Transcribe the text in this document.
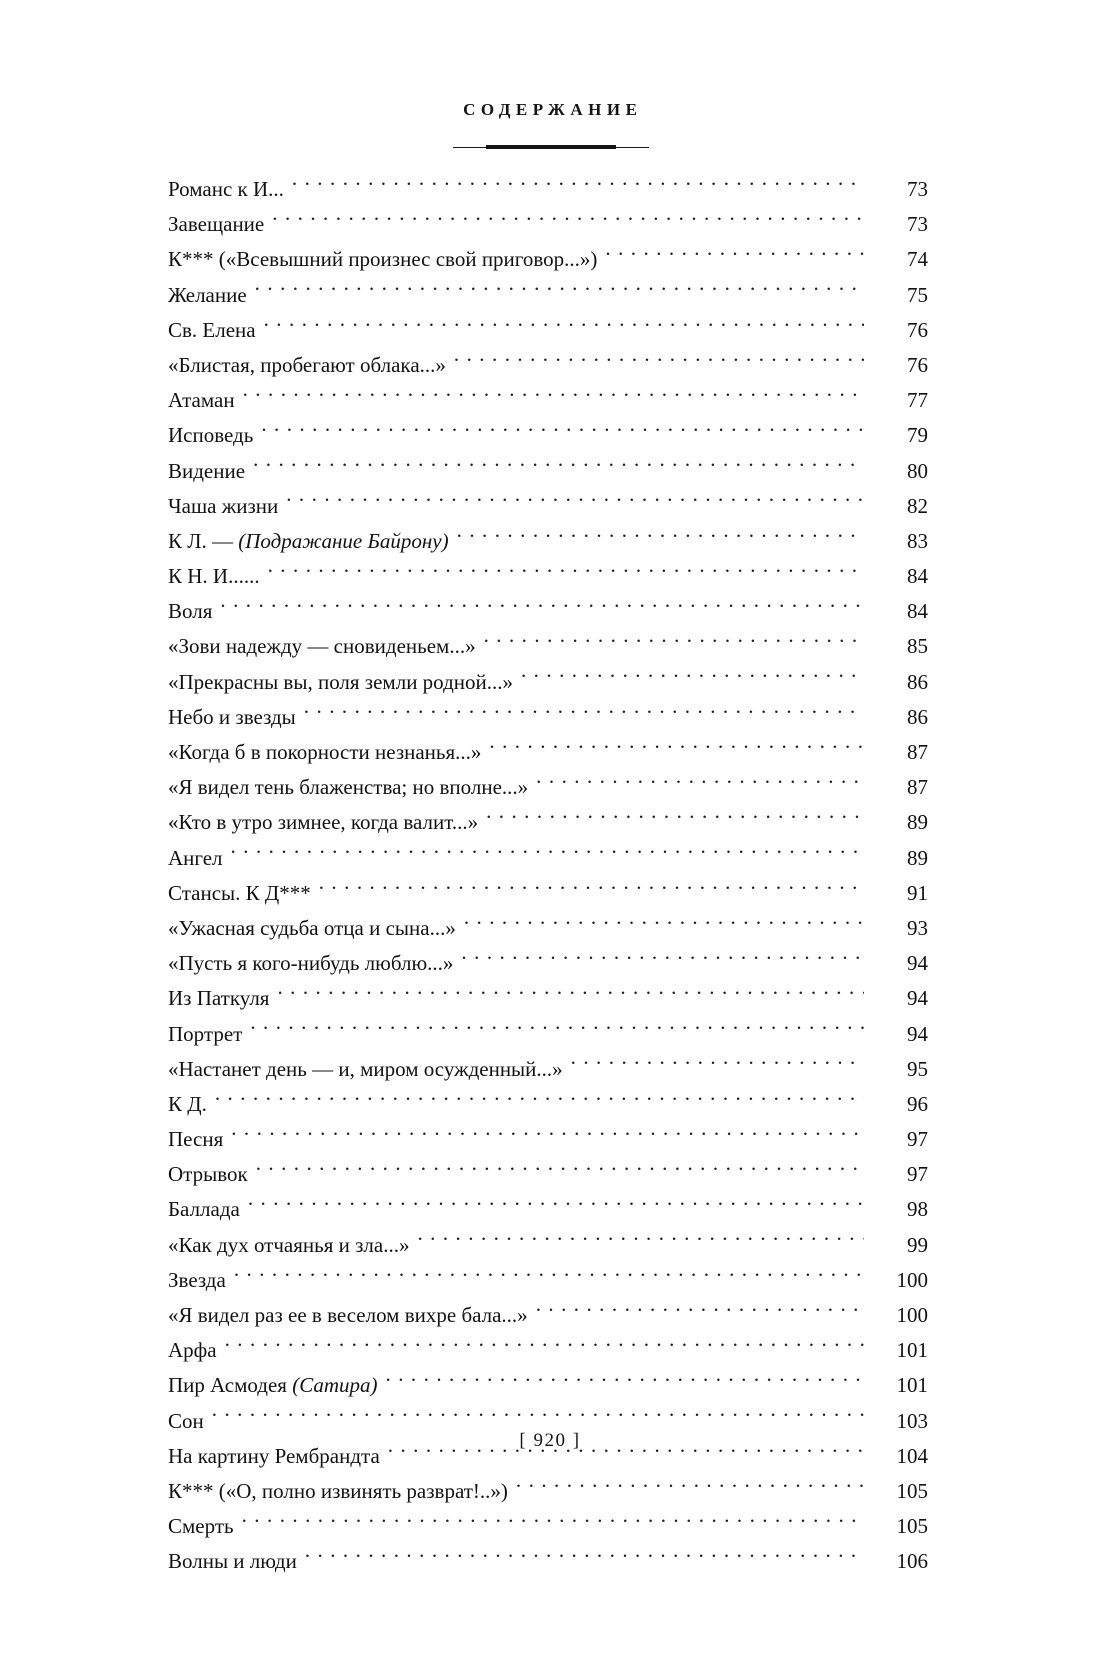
СОДЕРЖАНИЕ
Романс к И... . . .	73
Завещание . . .	73
К*** («Всевышний произнес свой приговор...») . . .	74
Желание . . .	75
Св. Елена . . .	76
«Блистая, пробегают облака...» . . .	76
Атаман . . .	77
Исповедь . . .	79
Видение . . .	80
Чаша жизни . . .	82
К Л. — (Подражание Байрону) . . .	83
К Н. И...... . . .	84
Воля . . .	84
«Зови надежду — сновиденьем...» . . .	85
«Прекрасны вы, поля земли родной...» . . .	86
Небо и звезды . . .	86
«Когда б в покорности незнанья...» . . .	87
«Я видел тень блаженства; но вполне...» . . .	87
«Кто в утро зимнее, когда валит...» . . .	89
Ангел . . .	89
Стансы. К Д*** . . .	91
«Ужасная судьба отца и сына...» . . .	93
«Пусть я кого-нибудь люблю...» . . .	94
Из Паткуля . . .	94
Портрет . . .	94
«Настанет день — и, миром осужденный...» . . .	95
К Д. . . .	96
Песня . . .	97
Отрывок . . .	97
Баллада . . .	98
«Как дух отчаянья и зла...» . . .	99
Звезда . . .	100
«Я видел раз ее в веселом вихре бала...» . . .	100
Арфа . . .	101
Пир Асмодея (Сатира) . . .	101
Сон . . .	103
На картину Рембрандта . . .	104
К*** («О, полно извинять разврат!..») . . .	105
Смерть . . .	105
Волны и люди . . .	106
[ 920 ]
